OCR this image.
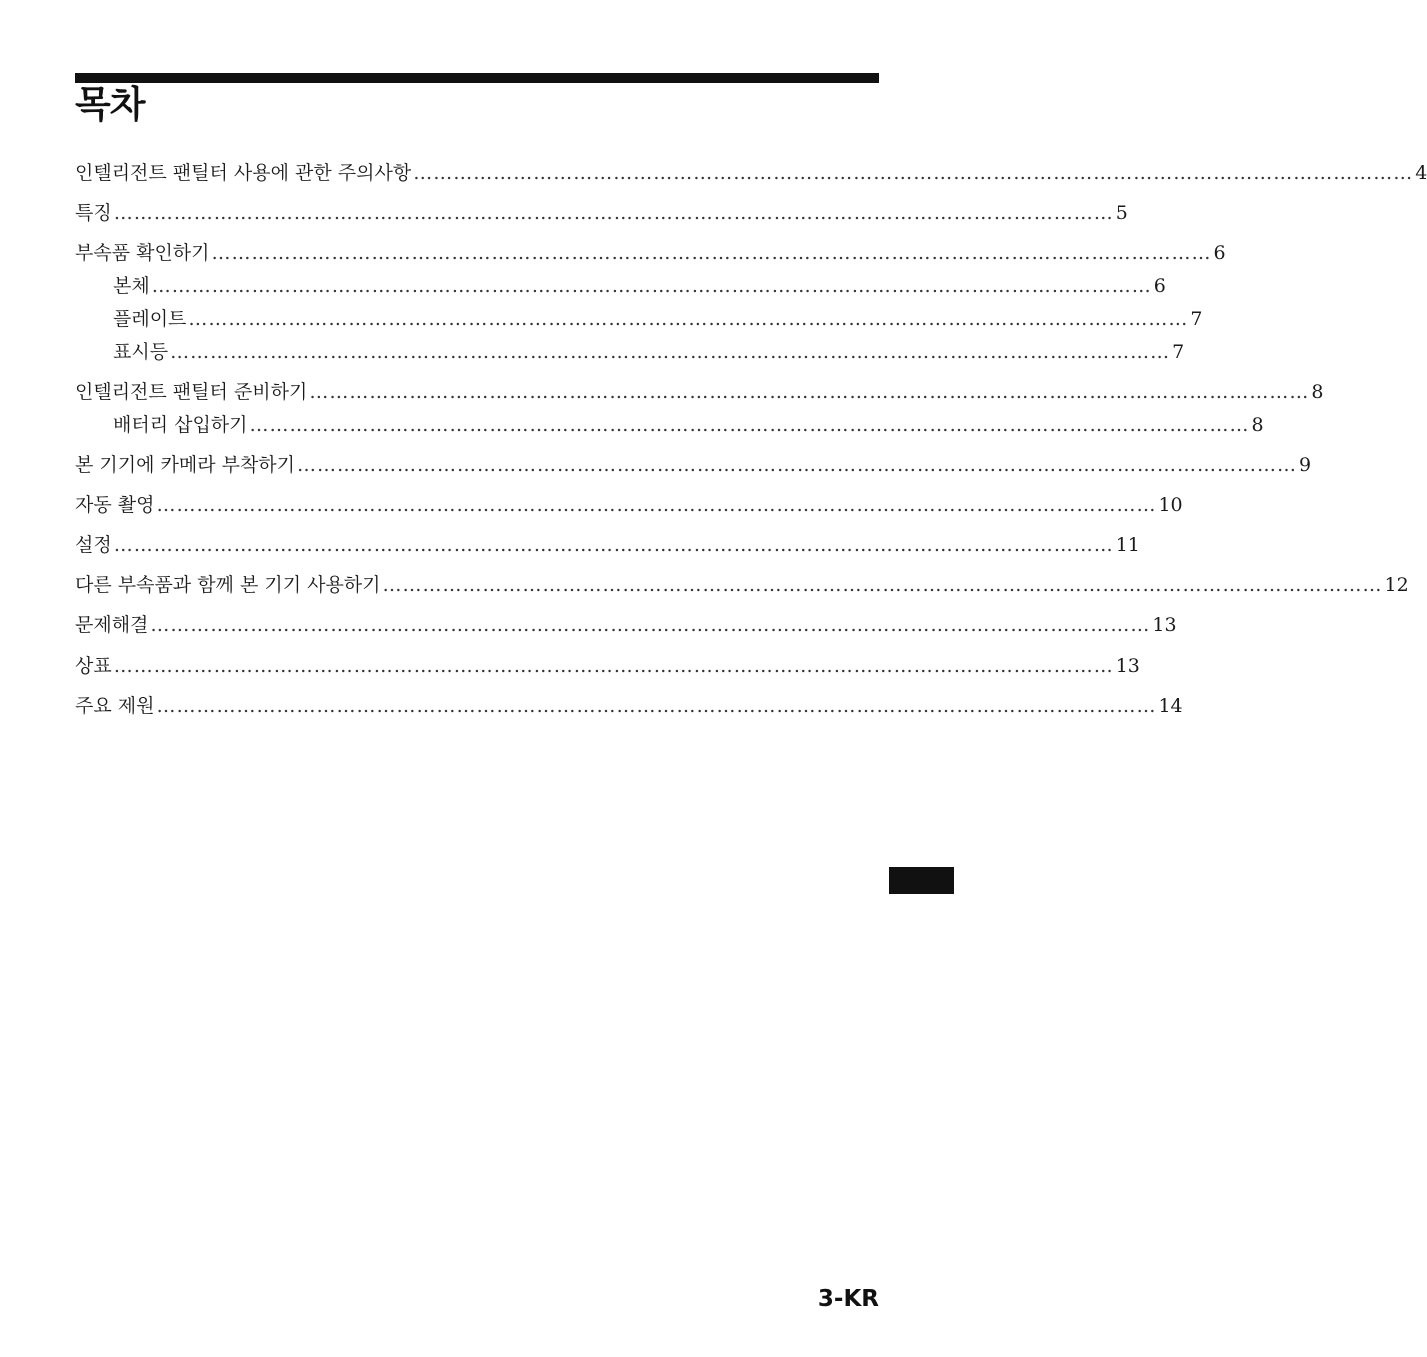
목차
인텔리전트 팬틸터 사용에 관한 주의사항 …………………………………………………………………………………………………………………………………… 4
특징 …………………………………………………………………………………………………………………………………… 5
부속품 확인하기 …………………………………………………………………………………………………………………………………… 6
본체 …………………………………………………………………………………………………………………………………… 6
플레이트 …………………………………………………………………………………………………………………………………… 7
표시등 …………………………………………………………………………………………………………………………………… 7
인텔리전트 팬틸터 준비하기 …………………………………………………………………………………………………………………………………… 8
배터리 삽입하기 …………………………………………………………………………………………………………………………………… 8
본 기기에 카메라 부착하기 …………………………………………………………………………………………………………………………………… 9
자동 촬영 …………………………………………………………………………………………………………………………………… 10
설정 …………………………………………………………………………………………………………………………………… 11
다른 부속품과 함께 본 기기 사용하기 …………………………………………………………………………………………………………………………………… 12
문제해결 …………………………………………………………………………………………………………………………………… 13
상표 …………………………………………………………………………………………………………………………………… 13
주요 제원 …………………………………………………………………………………………………………………………………… 14
3-KR
